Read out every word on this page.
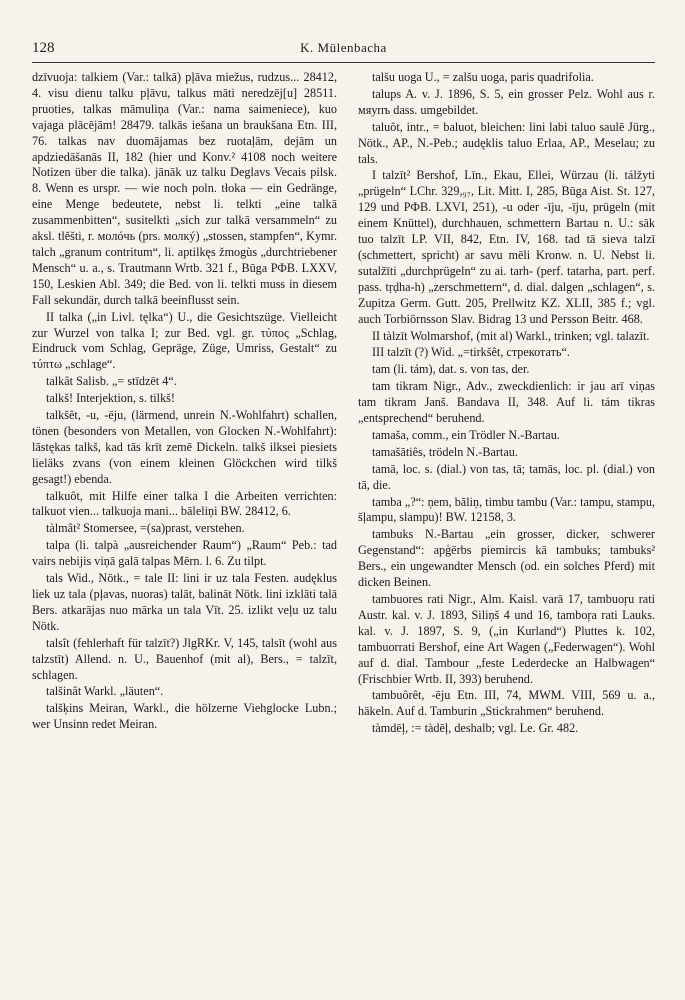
128	K. Mülenbacha

dzīvuoja: talkiem (Var.: talkā) pļāva miežus, rudzus... 28412, 4. visu dienu talku pļāvu, talkus māti neredzēj[u] 28511. pruoties, talkas māmuliņa (Var.: nama saimeniece), kuo vajaga plācējām! 28479. talkās iešana un braukšana Etn. III, 76. talkas nav duomājamas bez ruotaļām, dejām un apdziedāšanās II, 182 (hier und Konv.² 4108 noch weitere Notizen über die talka). jānāk uz talku Deglavs Vecais pilsk. 8. Wenn es urspr. — wie noch poln. tłoka — ein Gedränge, eine Menge bedeutete, nebst li. telkti „eine talkā zusammenbitten“, susitelkti „sich zur talkā versammeln“ zu aksl. tlěšti, r. молóчь (prs. молкý) „stossen, stampfen“, Kymr. talch „granum contritum“, li. aptilkęs žmogùs „durchtriebener Mensch“ u. a., s. Trautmann Wrtb. 321 f., Būga РФВ. LXXV, 150, Leskien Abl. 349; die Bed. von li. telkti muss in diesem Fall sekundär, durch talkā beeinflusst sein.

II talka („in Livl. tęlka“) U., die Gesichtszüge. Vielleicht zur Wurzel von talka I; zur Bed. vgl. gr. τύπος „Schlag, Eindruck vom Schlag, Gepräge, Züge, Umriss, Gestalt“ zu τύπτω „schlage“.

talkât Salisb. „= stīdzēt 4“.

talkš! Interjektion, s. tilkš!

talkšêt, -u, -ēju, (lärmend, unrein N.-Wohlfahrt) schallen, tönen (besonders von Metallen, von Glocken N.-Wohlfahrt): lāstękas talkš, kad tās krīt zemē Dickeln. talkš ilksei piesiets lieläks zvans (von einem kleinen Glöckchen wird tilkš gesagt!) ebenda.

talkuôt, mit Hilfe einer talka I die Arbeiten verrichten: talkuot vien... talkuoja mani... bāleliņi BW. 28412, 6.

tàlmât² Stomersee, =(sa)prast, verstehen.

talpa (li. talpà „ausreichender Raum“) „Raum“ Peb.: tad vairs nebijis viņā galā talpas Mērn. l. 6. Zu tilpt.

tals Wid., Nötk., = tale II: lini ir uz tala Festen. audęklus liek uz tala (pļavas, nuoras) talāt, balināt Nötk. lini izklāti talā Bers. atkarājas nuo mārka un tala Vīt. 25. izlikt veļu uz talu Nötk.

talsît (fehlerhaft für talzīt?) JlgRKr. V, 145, talsīt (wohl aus talzstīt) Allend. n. U., Bauenhof (mit al), Bers., = talzīt, schlagen.

talšinât Warkl. „läuten“.

talšķins Meiran, Warkl., die hölzerne Viehglocke Lubn.; wer Unsinn redet Meiran.

talšu uoga U., = zalšu uoga, paris quadrifolia.

talups A. v. J. 1896, S. 5, ein grosser Pelz. Wohl aus r. мяупъ dass. umgebildet.

taluôt, intr., = baluot, bleichen: lini labi taluo saulē Jürg., Nötk., AP., N.-Peb.; audęklis taluo Erlaa, AP., Meselau; zu tals.

I talzīt² Bershof, Līn., Ekau, Ellei, Würzau (li. tálžyti „prügeln“ LChr. 329,₉₇, Lit. Mitt. I, 285, Būga Aist. St. 127, 129 und РФВ. LXVI, 251), -u oder -īju, -īju, prügeln (mit einem Knüttel), durchhauen, schmettern Bartau n. U.: sāk tuo talzīt LP. VII, 842, Etn. IV, 168. tad tā sieva talzī (schmettert, spricht) ar savu mēli Kronw. n. U. Nebst li. sutalžīti „durchprügeln“ zu ai. tarh- (perf. tatarha, part. perf. pass. tṛḍha-h) „zerschmettern“, d. dial. dalgen „schlagen“, s. Zupitza Germ. Gutt. 205, Prellwitz KZ. XLII, 385 f.; vgl. auch Torbiörnsson Slav. Bidrag 13 und Persson Beitr. 468.

II tàlzīt Wolmarshof, (mit al) Warkl., trinken; vgl. talazīt.

III talzīt (?) Wid. „=tirkšêt, стрекотать“.

tam (li. tám), dat. s. von tas, der.

tam tikram Nigr., Adv., zweckdienlich: ir jau arī viņas tam tikram Janš. Bandava II, 348. Auf li. tám tikras „entsprechend“ beruhend.

tamaša, comm., ein Trödler N.-Bartau.

tamašātiês, trödeln N.-Bartau.

tamā, loc. s. (dial.) von tas, tā; tamās, loc. pl. (dial.) von tā, die.

tamba „?“: ņem, bāliņ, timbu tambu (Var.: tampu, stampu, šļampu, slampu)! BW. 12158, 3.

tambuks N.-Bartau „ein grosser, dicker, schwerer Gegenstand“: apģērbs piemircis kā tambuks; tambuks² Bers., ein ungewandter Mensch (od. ein solches Pferd) mit dicken Beinen.

tambuores rati Nigr., Alm. Kaisl. varā 17, tambuoŗu rati Austr. kal. v. J. 1893, Siliņš 4 und 16, tamboŗa rati Lauks. kal. v. J. 1897, S. 9, („in Kurland“) Pluttes k. 102, tambuorrati Bershof, eine Art Wagen („Federwagen“). Wohl auf d. dial. Tambour „feste Lederdecke an Halbwagen“ (Frischbier Wrtb. II, 393) beruhend.

tambuôrêt, -ēju Etn. III, 74, MWM. VIII, 569 u. a., häkeln. Auf d. Tamburin „Stickrahmen“ beruhend.

tàmdēļ, := tàdēļ, deshalb; vgl. Le. Gr. 482.
